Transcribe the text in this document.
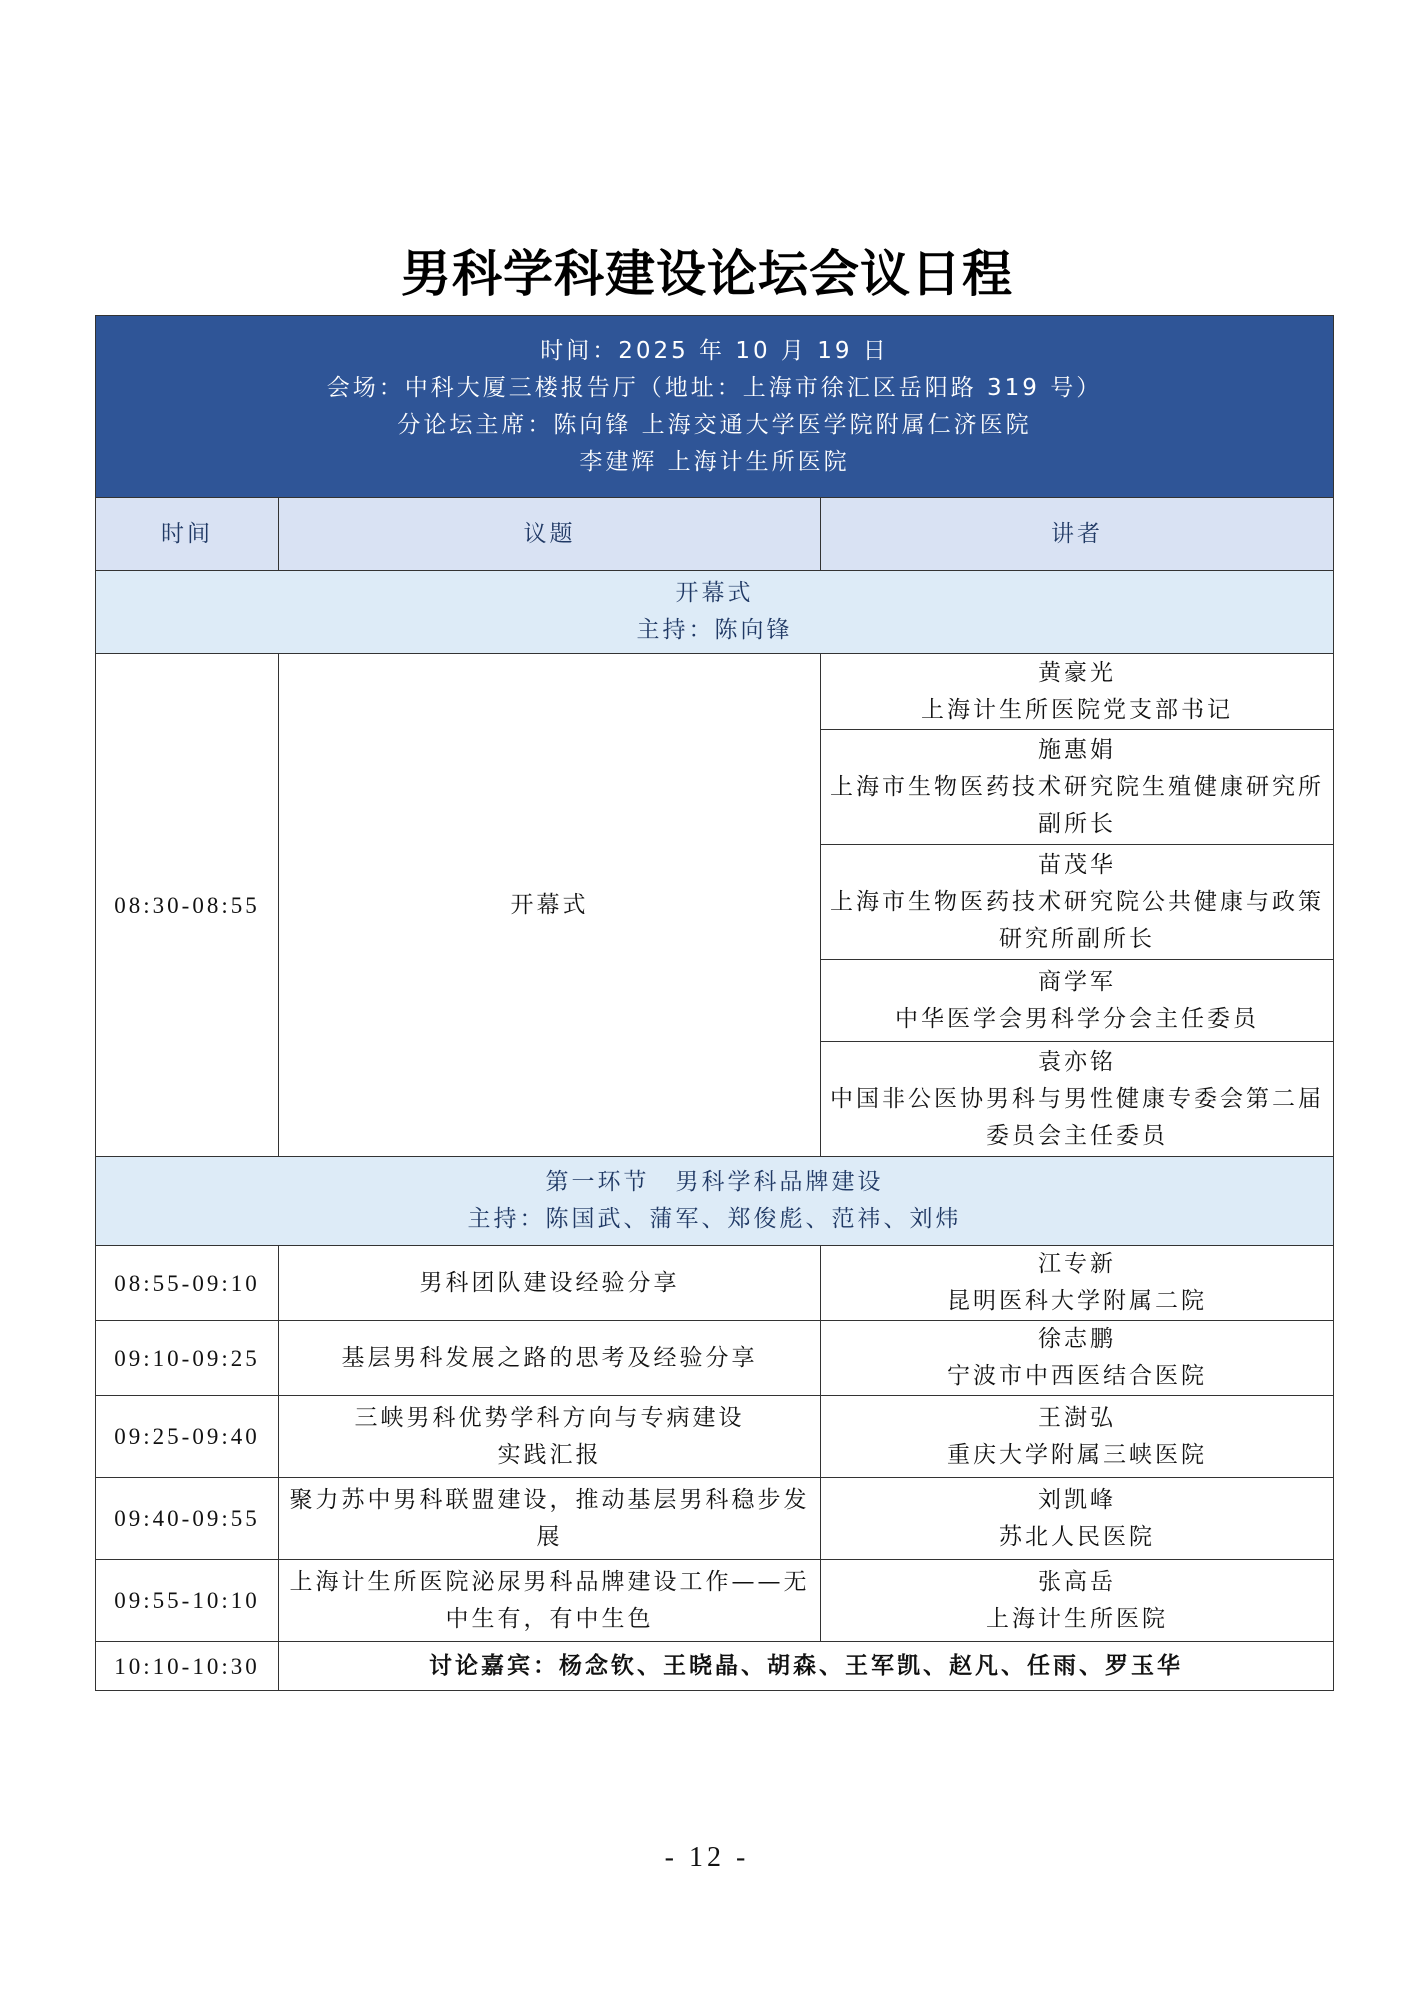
男科学科建设论坛会议日程
时间：2025 年 10 月 19 日
会场：中科大厦三楼报告厅（地址：上海市徐汇区岳阳路 319 号）
分论坛主席：陈向锋 上海交通大学医学院附属仁济医院
李建辉 上海计生所医院		

时间	议题	讲者

开幕式
主持：陈向锋		

08:30-08:55	开幕式	黄豪光
上海计生所医院党支部书记

		施惠娟
上海市生物医药技术研究院生殖健康研究所副所长

		苗茂华
上海市生物医药技术研究院公共健康与政策研究所副所长

		商学军
中华医学会男科学分会主任委员

		袁亦铭
中国非公医协男科与男性健康专委会第二届委员会主任委员

第一环节　男科学科品牌建设
主持：陈国武、蒲军、郑俊彪、范祎、刘炜		

08:55-09:10	男科团队建设经验分享	江专新
昆明医科大学附属二院

09:10-09:25	基层男科发展之路的思考及经验分享	徐志鹏
宁波市中西医结合医院

09:25-09:40	三峡男科优势学科方向与专病建设实践汇报	王澍弘
重庆大学附属三峡医院

09:40-09:55	聚力苏中男科联盟建设，推动基层男科稳步发展	刘凯峰
苏北人民医院

09:55-10:10	上海计生所医院泌尿男科品牌建设工作——无中生有，有中生色	张高岳
上海计生所医院

10:10-10:30	讨论嘉宾：杨念钦、王晓晶、胡森、王军凯、赵凡、任雨、罗玉华	
- 12 -
